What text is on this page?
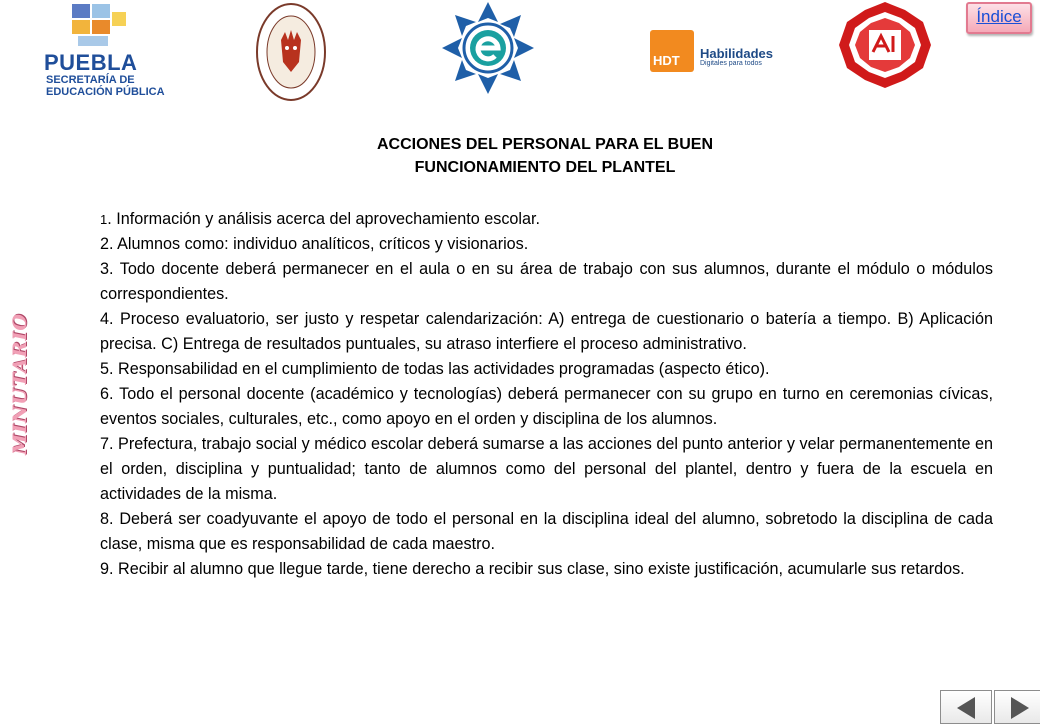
PUEBLA
SECRETARÍA DE
EDUCACIÓN PÚBLICA
HDT Habilidades
Digitales para todos
Índice
MINUTARIO
ACCIONES DEL PERSONAL PARA EL BUEN
FUNCIONAMIENTO DEL PLANTEL

1. Información y análisis acerca del aprovechamiento escolar.

2. Alumnos como: individuo analíticos, críticos y visionarios.

3. Todo docente deberá permanecer en el aula o en su área de trabajo con sus alumnos, durante el módulo o módulos correspondientes.

4. Proceso evaluatorio, ser justo y respetar calendarización: A) entrega de cuestionario o batería a tiempo. B) Aplicación precisa. C) Entrega de resultados puntuales, su atraso interfiere el proceso administrativo.

5. Responsabilidad en el cumplimiento de todas las actividades programadas (aspecto ético).

6. Todo el personal docente (académico y tecnologías) deberá permanecer con su grupo en turno en ceremonias cívicas, eventos sociales, culturales, etc., como apoyo en el orden y disciplina de los alumnos.

7. Prefectura, trabajo social y médico escolar deberá sumarse a las acciones del punto anterior y velar permanentemente en el orden, disciplina y puntualidad; tanto de alumnos como del personal del plantel, dentro y fuera de la escuela en actividades de la misma.

8. Deberá ser coadyuvante el apoyo de todo el personal en la disciplina ideal del alumno, sobretodo la disciplina de cada clase, misma que es responsabilidad de cada maestro.

9. Recibir al alumno que llegue tarde, tiene derecho a recibir sus clase, sino existe justificación, acumularle sus retardos.
